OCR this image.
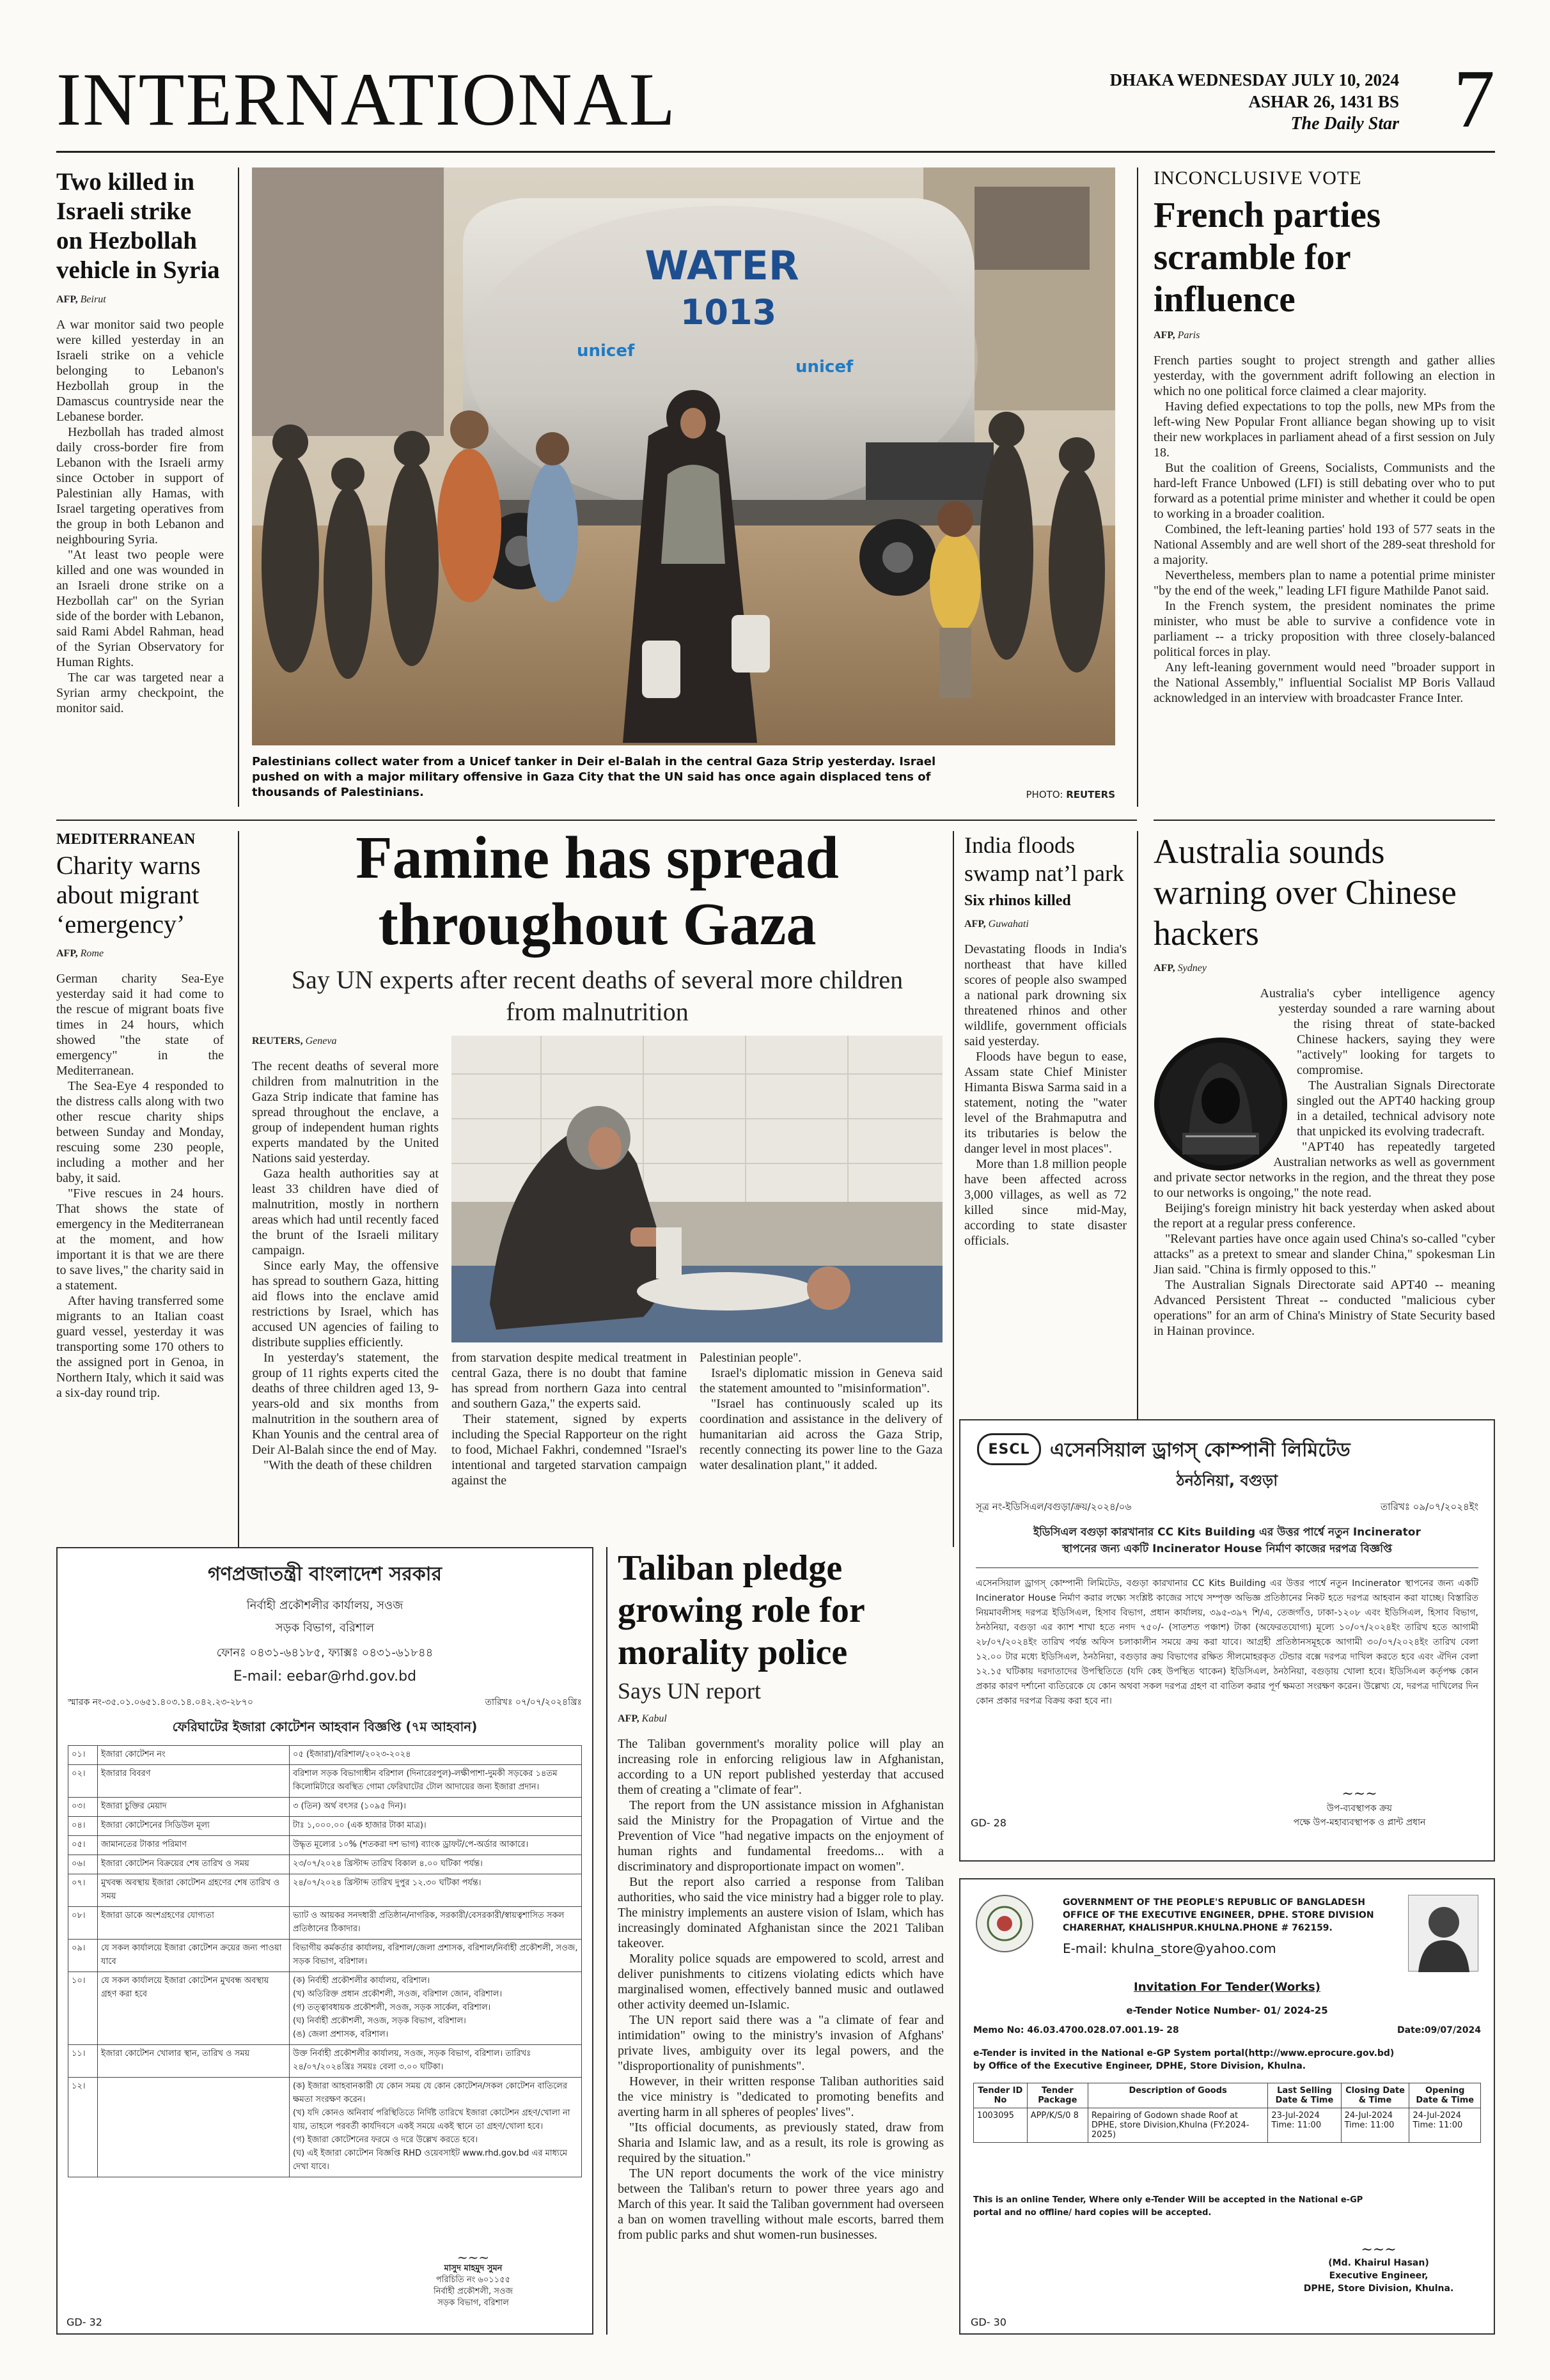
INTERNATIONAL	DHAKA WEDNESDAY JULY 10, 2024
ASHAR 26, 1431 BS
The Daily Star 7
Two killed in Israeli strike on Hezbollah vehicle in Syria
AFP, Beirut

A war monitor said two people were killed yesterday in an Israeli strike on a vehicle belonging to Lebanon's Hezbollah group in the Damascus countryside near the Lebanese border.

Hezbollah has traded almost daily cross-border fire from Lebanon with the Israeli army since October in support of Palestinian ally Hamas, with Israel targeting operatives from the group in both Lebanon and neighbouring Syria.

"At least two people were killed and one was wounded in an Israeli drone strike on a Hezbollah car" on the Syrian side of the border with Lebanon, said Rami Abdel Rahman, head of the Syrian Observatory for Human Rights.

The car was targeted near a Syrian army checkpoint, the monitor said.

WATER
1013
unicef
unicef
Palestinians collect water from a Unicef tanker in Deir el-Balah in the central Gaza Strip yesterday. Israel pushed on with a major military offensive in Gaza City that the UN said has once again displaced tens of thousands of Palestinians.	PHOTO: REUTERS
INCONCLUSIVE VOTE
French parties scramble for influence
AFP, Paris

French parties sought to project strength and gather allies yesterday, with the government adrift following an election in which no one political force claimed a clear majority.

Having defied expectations to top the polls, new MPs from the left-wing New Popular Front alliance began showing up to visit their new workplaces in parliament ahead of a first session on July 18.

But the coalition of Greens, Socialists, Communists and the hard-left France Unbowed (LFI) is still debating over who to put forward as a potential prime minister and whether it could be open to working in a broader coalition.

Combined, the left-leaning parties' hold 193 of 577 seats in the National Assembly and are well short of the 289-seat threshold for a majority.

Nevertheless, members plan to name a potential prime minister "by the end of the week," leading LFI figure Mathilde Panot said.

In the French system, the president nominates the prime minister, who must be able to survive a confidence vote in parliament -- a tricky proposition with three closely-balanced political forces in play.

Any left-leaning government would need "broader support in the National Assembly," influential Socialist MP Boris Vallaud acknowledged in an interview with broadcaster France Inter.

MEDITERRANEAN
Charity warns about migrant ‘emergency’
AFP, Rome

German charity Sea-Eye yesterday said it had come to the rescue of migrant boats five times in 24 hours, which showed "the state of emergency" in the Mediterranean.

The Sea-Eye 4 responded to the distress calls along with two other rescue charity ships between Sunday and Monday, rescuing some 230 people, including a mother and her baby, it said.

"Five rescues in 24 hours. That shows the state of emergency in the Mediterranean at the moment, and how important it is that we are there to save lives," the charity said in a statement.

After having transferred some migrants to an Italian coast guard vessel, yesterday it was transporting some 170 others to the assigned port in Genoa, in Northern Italy, which it said was a six-day round trip.

Famine has spread
throughout Gaza
Say UN experts after recent deaths of several more children from malnutrition
REUTERS, Geneva

The recent deaths of several more children from malnutrition in the Gaza Strip indicate that famine has spread throughout the enclave, a group of independent human rights experts mandated by the United Nations said yesterday.

Gaza health authorities say at least 33 children have died of malnutrition, mostly in northern areas which had until recently faced the brunt of the Israeli military campaign.

Since early May, the offensive has spread to southern Gaza, hitting aid flows into the enclave amid restrictions by Israel, which has accused UN agencies of failing to distribute supplies efficiently.

In yesterday's statement, the group of 11 rights experts cited the deaths of three children aged 13, 9-years-old and six months from malnutrition in the southern area of Khan Younis and the central area of Deir Al-Balah since the end of May.

"With the death of these children

from starvation despite medical treatment in central Gaza, there is no doubt that famine has spread from northern Gaza into central and southern Gaza," the experts said.

Their statement, signed by experts including the Special Rapporteur on the right to food, Michael Fakhri, condemned "Israel's intentional and targeted starvation campaign against the

Palestinian people".

Israel's diplomatic mission in Geneva said the statement amounted to "misinformation".

"Israel has continuously scaled up its coordination and assistance in the delivery of humanitarian aid across the Gaza Strip, recently connecting its power line to the Gaza water desalination plant," it added.

India floods swamp nat’l park
Six rhinos killed
AFP, Guwahati

Devastating floods in India's northeast that have killed scores of people also swamped a national park drowning six threatened rhinos and other wildlife, government officials said yesterday.

Floods have begun to ease, Assam state Chief Minister Himanta Biswa Sarma said in a statement, noting the "water level of the Brahmaputra and its tributaries is below the danger level in most places".

More than 1.8 million people have been affected across 3,000 villages, as well as 72 killed since mid-May, according to state disaster officials.

Australia sounds warning over Chinese hackers
AFP, Sydney

Australia's cyber intelligence agency yesterday sounded a rare warning about the rising threat of state-backed Chinese hackers, saying they were "actively" looking for targets to compromise.

The Australian Signals Directorate singled out the APT40 hacking group in a detailed, technical advisory note that unpicked its evolving tradecraft.

"APT40 has repeatedly targeted Australian networks as well as government and private sector networks in the region, and the threat they pose to our networks is ongoing," the note read.

Beijing's foreign ministry hit back yesterday when asked about the report at a regular press conference.

"Relevant parties have once again used China's so-called "cyber attacks" as a pretext to smear and slander China," spokesman Lin Jian said. "China is firmly opposed to this."

The Australian Signals Directorate said APT40 -- meaning Advanced Persistent Threat -- conducted "malicious cyber operations" for an arm of China's Ministry of State Security based in Hainan province.

গণপ্রজাতন্ত্রী বাংলাদেশ সরকার
নির্বাহী প্রকৌশলীর কার্যালয়, সওজ
সড়ক বিভাগ, বরিশাল
ফোনঃ ০৪৩১-৬৪১৮৫, ফ্যাক্সঃ ০৪৩১-৬১৮৪৪
E-mail: eebar@rhd.gov.bd
স্মারক নং-৩৫.০১.০৬৫১.৪০৩.১৪.০৪২.২৩-২৮৭০	তারিখঃ ০৭/০৭/২০২৪খ্রিঃ
ফেরিঘাটের ইজারা কোটেশন আহবান বিজ্ঞপ্তি (৭ম আহবান)
০১।	ইজারা কোটেশন নং	০৫ (ইজারা)/বরিশাল/২০২৩-২০২৪
০২।	ইজারার বিবরণ	বরিশাল সড়ক বিভাগাধীন বরিশাল (দিনারেরপুল)-লক্ষীপাশা-দুমকী সড়কের ১৪তম কিলোমিটারে অবস্থিত গোমা ফেরিঘাটের টোল আদায়ের জন্য ইজারা প্রদান।
০৩।	ইজারা চুক্তির মেয়াদ	৩ (তিন) অর্থ বৎসর (১০৯৫ দিন)।
০৪।	ইজারা কোটেশনের সিডিউল মূল্য	টাঃ ১,০০০.০০ (এক হাজার টাকা মাত্র)।
০৫।	জামানতের টাকার পরিমাণ	উদ্ধৃত মূল্যের ১০% (শতকরা দশ ভাগ) ব্যাংক ড্রাফট/পে-অর্ডার আকারে।
০৬।	ইজারা কোটেশন বিক্রয়ের শেষ তারিখ ও সময়	২৩/০৭/২০২৪ খ্রিস্টাব্দ তারিখ বিকাল ৪.০০ ঘটিকা পর্যন্ত।
০৭।	মুখবন্ধ অবস্থায় ইজারা কোটেশন গ্রহণের শেষ তারিখ ও সময়	২৪/০৭/২০২৪ খ্রিস্টাব্দ তারিখ দুপুর ১২.৩০ ঘটিকা পর্যন্ত।
০৮।	ইজারা ডাকে অংশগ্রহণের যোগ্যতা	ভ্যাট ও আয়কর সনদধারী প্রতিষ্ঠান/নাগরিক, সরকারী/বেসরকারী/স্বায়ত্বশাসিত সকল প্রতিষ্ঠানের ঠিকাদার।
০৯।	যে সকল কার্যালয়ে ইজারা কোটেশন ক্রয়ের জন্য পাওয়া যাবে	বিভাগীয় কর্মকর্তার কার্যালয়, বরিশাল/জেলা প্রশাসক, বরিশাল/নির্বাহী প্রকৌশলী, সওজ, সড়ক বিভাগ, বরিশাল।
১০।	যে সকল কার্যালয়ে ইজারা কোটেশন মুখবন্ধ অবস্থায় গ্রহণ করা হবে	(ক) নির্বাহী প্রকৌশলীর কার্যালয়, বরিশাল।
(খ) অতিরিক্ত প্রধান প্রকৌশলী, সওজ, বরিশাল জোন, বরিশাল।
(গ) তত্ত্বাবধায়ক প্রকৌশলী, সওজ, সড়ক সার্কেল, বরিশাল।
(ঘ) নির্বাহী প্রকৌশলী, সওজ, সড়ক বিভাগ, বরিশাল।
(ঙ) জেলা প্রশাসক, বরিশাল।
১১।	ইজারা কোটেশন খোলার স্থান, তারিখ ও সময়	উক্ত নির্বাহী প্রকৌশলীর কার্যালয়, সওজ, সড়ক বিভাগ, বরিশাল। তারিখঃ ২৪/০৭/২০২৪খ্রিঃ সময়ঃ বেলা ৩.০০ ঘটিকা।
১২।		(ক) ইজারা আহবানকারী যে কোন সময় যে কোন কোটেশন/সকল কোটেশন বাতিলের ক্ষমতা সংরক্ষণ করেন।
(খ) যদি কোনও অনিবার্য পরিস্থিতিতে নির্দিষ্ট তারিখে ইজারা কোটেশন গ্রহণ/খোলা না যায়, তাহলে পরবর্তী কার্যদিবসে একই সময়ে একই স্থানে তা গ্রহণ/খোলা হবে।
(গ) ইজারা কোটেশনের ফরমে ও দরে উল্লেখ করতে হবে।
(ঘ) এই ইজারা কোটেশন বিজ্ঞপ্তি RHD ওয়েবসাইট www.rhd.gov.bd এর মাধ্যমে দেখা যাবে।
~~~
মাসুদ মাহমুদ সুমন
পরিচিতি নং ৬০১১৫৫
নির্বাহী প্রকৌশলী, সওজ
সড়ক বিভাগ, বরিশাল
GD- 32
Taliban pledge growing role for morality police
Says UN report
AFP, Kabul

The Taliban government's morality police will play an increasing role in enforcing religious law in Afghanistan, according to a UN report published yesterday that accused them of creating a "climate of fear".

The report from the UN assistance mission in Afghanistan said the Ministry for the Propagation of Virtue and the Prevention of Vice "had negative impacts on the enjoyment of human rights and fundamental freedoms... with a discriminatory and disproportionate impact on women".

But the report also carried a response from Taliban authorities, who said the vice ministry had a bigger role to play. The ministry implements an austere vision of Islam, which has increasingly dominated Afghanistan since the 2021 Taliban takeover.

Morality police squads are empowered to scold, arrest and deliver punishments to citizens violating edicts which have marginalised women, effectively banned music and outlawed other activity deemed un-Islamic.

The UN report said there was a "a climate of fear and intimidation" owing to the ministry's invasion of Afghans' private lives, ambiguity over its legal powers, and the "disproportionality of punishments".

However, in their written response Taliban authorities said the vice ministry is "dedicated to promoting benefits and averting harm in all spheres of peoples' lives".

"Its official documents, as previously stated, draw from Sharia and Islamic law, and as a result, its role is growing as required by the situation."

The UN report documents the work of the vice ministry between the Taliban's return to power three years ago and March of this year. It said the Taliban government had overseen a ban on women travelling without male escorts, barred them from public parks and shut women-run businesses.

ESCL এসেনসিয়াল ড্রাগস্ কোম্পানী লিমিটেড
ঠনঠনিয়া, বগুড়া
সূত্র নং-ইডিসিএল/বগুড়া/ক্রয়/২০২৪/০৬	তারিখঃ ০৯/০৭/২০২৪ইং
ইডিসিএল বগুড়া কারখানার CC Kits Building এর উত্তর পার্শ্বে নতুন Incinerator
স্থাপনের জন্য একটি Incinerator House নির্মাণ কাজের দরপত্র বিজ্ঞপ্তি
এসেনসিয়াল ড্রাগস্ কোম্পানী লিমিটেড, বগুড়া কারখানার CC Kits Building এর উত্তর পার্শ্বে নতুন Incinerator স্থাপনের জন্য একটি Incinerator House নির্মাণ করার লক্ষ্যে সংশ্লিষ্ট কাজের সাথে সম্পৃক্ত অভিজ্ঞ প্রতিষ্ঠানের নিকট হতে দরপত্র আহবান করা যাচ্ছে। বিস্তারিত নিয়মাবলীসহ দরপত্র ইডিসিএল, হিসাব বিভাগ, প্রধান কার্যালয়, ৩৯৫-৩৯৭ শি/এ, তেজগাঁও, ঢাকা-১২০৮ এবং ইডিসিএল, হিসাব বিভাগ, ঠনঠনিয়া, বগুড়া এর ক্যাশ শাখা হতে নগদ ৭৫০/- (সাতশত পঞ্চাশ) টাকা (অফেরতযোগ্য) মূল্যে ১০/০৭/২০২৪ইং তারিখ হতে আগামী ২৮/০৭/২০২৪ইং তারিখ পর্যন্ত অফিস চলাকালীন সময়ে ক্রয় করা যাবে। আগ্রহী প্রতিষ্ঠানসমূহকে আগামী ৩০/০৭/২০২৪ইং তারিখ বেলা ১২.০০ টার মধ্যে ইডিসিএল, ঠনঠনিয়া, বগুড়ার ক্রয় বিভাগের রক্ষিত সীলমোহরকৃত টেন্ডার বক্সে দরপত্র দাখিল করতে হবে এবং ঐদিন বেলা ১২.১৫ ঘটিকায় দরদাতাদের উপস্থিতিতে (যদি কেহ উপস্থিত থাকেন) ইডিসিএল, ঠনঠনিয়া, বগুড়ায় খোলা হবে। ইডিসিএল কর্তৃপক্ষ কোন প্রকার কারণ দর্শানো ব্যতিরেকে যে কোন অথবা সকল দরপত্র গ্রহণ বা বাতিল করার পূর্ণ ক্ষমতা সংরক্ষণ করেন। উল্লেখ্য যে, দরপত্র দাখিলের দিন কোন প্রকার দরপত্র বিক্রয় করা হবে না।
~~~
উপ-ব্যবস্থাপক ক্রয়
পক্ষে উপ-মহাব্যবস্থাপক ও প্লান্ট প্রধান
GD- 28
GOVERNMENT OF THE PEOPLE'S REPUBLIC OF BANGLADESH
OFFICE OF THE EXECUTIVE ENGINEER, DPHE. STORE DIVISION
CHARERHAT, KHALISHPUR.KHULNA.PHONE # 762159.
E-mail: khulna_store@yahoo.com
Invitation For Tender(Works)
e-Tender Notice Number- 01/ 2024-25
Memo No: 46.03.4700.028.07.001.19- 28	Date:09/07/2024
e-Tender is invited in the National e-GP System portal(http://www.eprocure.gov.bd)
by Office of the Executive Engineer, DPHE, Store Division, Khulna.
Tender ID No	Tender Package	Description of Goods	Last Selling Date & Time	Closing Date & Time	Opening Date & Time
1003095	APP/K/S/0 8	Repairing of Godown shade Roof at DPHE, store Division,Khulna (FY:2024-2025)	23-Jul-2024 Time: 11:00	24-Jul-2024 Time: 11:00	24-Jul-2024 Time: 11:00
This is an online Tender, Where only e-Tender Will be accepted in the National e-GP
portal and no offline/ hard copies will be accepted.
~~~
(Md. Khairul Hasan)
Executive Engineer,
DPHE, Store Division, Khulna.
GD- 30
